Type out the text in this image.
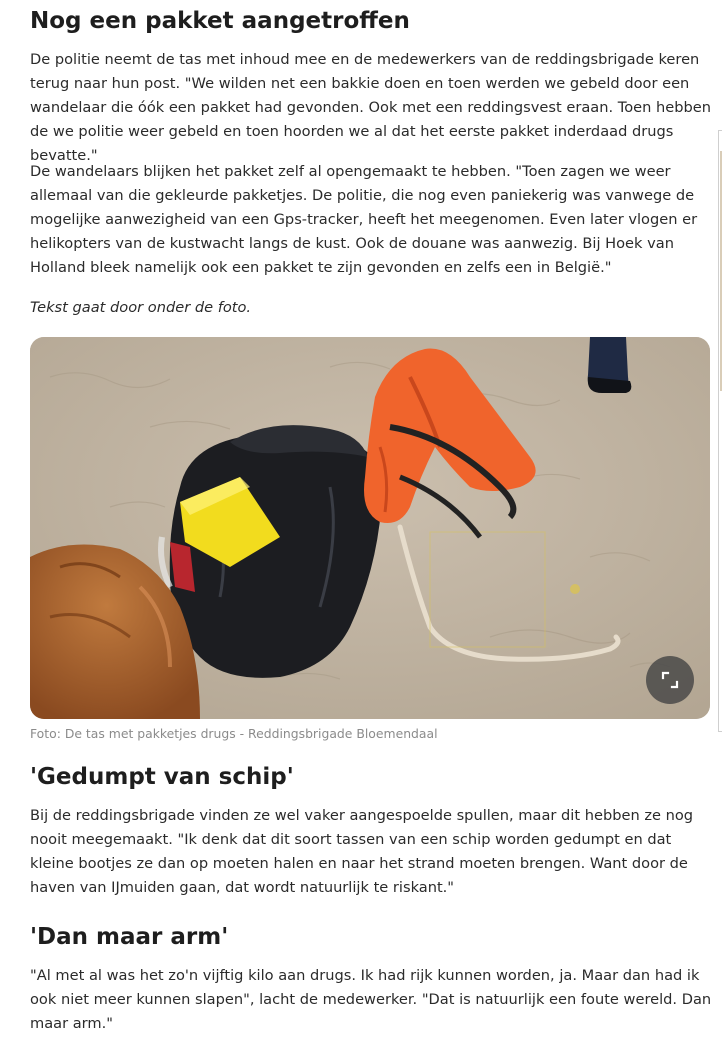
Nog een pakket aangetroffen

De politie neemt de tas met inhoud mee en de medewerkers van de reddingsbrigade keren terug naar hun post. "We wilden net een bakkie doen en toen werden we gebeld door een wandelaar die óók een pakket had gevonden. Ook met een reddingsvest eraan. Toen hebben de we politie weer gebeld en toen hoorden we al dat het eerste pakket inderdaad drugs bevatte."

De wandelaars blijken het pakket zelf al opengemaakt te hebben. "Toen zagen we weer allemaal van die gekleurde pakketjes. De politie, die nog even paniekerig was vanwege de mogelijke aanwezigheid van een Gps-tracker, heeft het meegenomen. Even later vlogen er helikopters van de kustwacht langs de kust. Ook de douane was aanwezig. Bij Hoek van Holland bleek namelijk ook een pakket te zijn gevonden en zelfs een in België."

Tekst gaat door onder de foto.

Foto: De tas met pakketjes drugs - Reddingsbrigade Bloemendaal
'Gedumpt van schip'

Bij de reddingsbrigade vinden ze wel vaker aangespoelde spullen, maar dit hebben ze nog nooit meegemaakt. "Ik denk dat dit soort tassen van een schip worden gedumpt en dat kleine bootjes ze dan op moeten halen en naar het strand moeten brengen. Want door de haven van IJmuiden gaan, dat wordt natuurlijk te riskant."

'Dan maar arm'

"Al met al was het zo'n vijftig kilo aan drugs. Ik had rijk kunnen worden, ja. Maar dan had ik ook niet meer kunnen slapen", lacht de medewerker. "Dat is natuurlijk een foute wereld. Dan maar arm."
